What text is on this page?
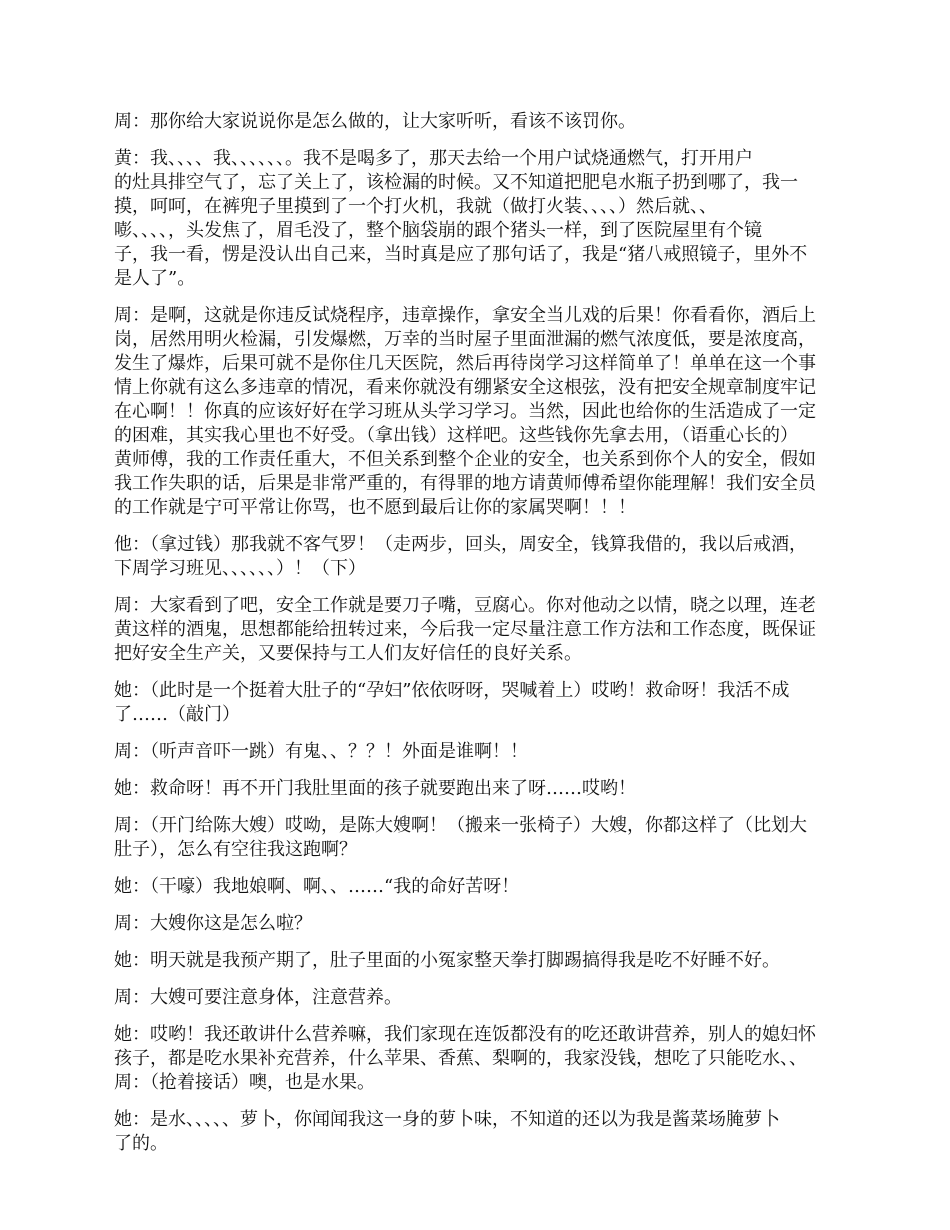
周：那你给大家说说你是怎么做的，让大家听听，看该不该罚你。

黄：我、、、、我、、、、、、。我不是喝多了，那天去给一个用户试烧通燃气，打开用户
的灶具排空气了，忘了关上了，该检漏的时候。又不知道把肥皂水瓶子扔到哪了，我一
摸，呵呵，在裤兜子里摸到了一个打火机，我就（做打火装、、、、）然后就、、
嘭、、、、，头发焦了，眉毛没了，整个脑袋崩的跟个猪头一样，到了医院屋里有个镜
子，我一看，愣是没认出自己来，当时真是应了那句话了，我是“猪八戒照镜子，里外不
是人了”。

周：是啊，这就是你违反试烧程序，违章操作，拿安全当儿戏的后果！你看看你，酒后上
岗，居然用明火检漏，引发爆燃，万幸的当时屋子里面泄漏的燃气浓度低，要是浓度高，
发生了爆炸，后果可就不是你住几天医院，然后再待岗学习这样简单了！单单在这一个事
情上你就有这么多违章的情况，看来你就没有绷紧安全这根弦，没有把安全规章制度牢记
在心啊！！你真的应该好好在学习班从头学习学习。当然，因此也给你的生活造成了一定
的困难，其实我心里也不好受。（拿出钱）这样吧。这些钱你先拿去用，（语重心长的）
黄师傅，我的工作责任重大，不但关系到整个企业的安全，也关系到你个人的安全，假如
我工作失职的话，后果是非常严重的，有得罪的地方请黄师傅希望你能理解！我们安全员
的工作就是宁可平常让你骂，也不愿到最后让你的家属哭啊！！！

他：（拿过钱）那我就不客气罗！（走两步，回头，周安全，钱算我借的，我以后戒酒，
下周学习班见、、、、、、）！（下）

周：大家看到了吧，安全工作就是要刀子嘴，豆腐心。你对他动之以情，晓之以理，连老
黄这样的酒鬼，思想都能给扭转过来，今后我一定尽量注意工作方法和工作态度，既保证
把好安全生产关，又要保持与工人们友好信任的良好关系。

她：（此时是一个挺着大肚子的“孕妇”依依呀呀，哭喊着上）哎哟！救命呀！我活不成
了……（敲门）

周：（听声音吓一跳）有鬼、、？？！外面是谁啊！！

她：救命呀！再不开门我肚里面的孩子就要跑出来了呀……哎哟！

周：（开门给陈大嫂）哎呦，是陈大嫂啊！（搬来一张椅子）大嫂，你都这样了（比划大
肚子），怎么有空往我这跑啊？

她：（干嚎）我地娘啊、啊、、……“我的命好苦呀！

周：大嫂你这是怎么啦？

她：明天就是我预产期了，肚子里面的小冤家整天拳打脚踢搞得我是吃不好睡不好。

周：大嫂可要注意身体，注意营养。

她：哎哟！我还敢讲什么营养嘛，我们家现在连饭都没有的吃还敢讲营养，别人的媳妇怀
孩子，都是吃水果补充营养，什么苹果、香蕉、梨啊的，我家没钱，想吃了只能吃水、、
周：（抢着接话）噢，也是水果。

她：是水、、、、、萝卜，你闻闻我这一身的萝卜味，不知道的还以为我是酱菜场腌萝卜
了的。
